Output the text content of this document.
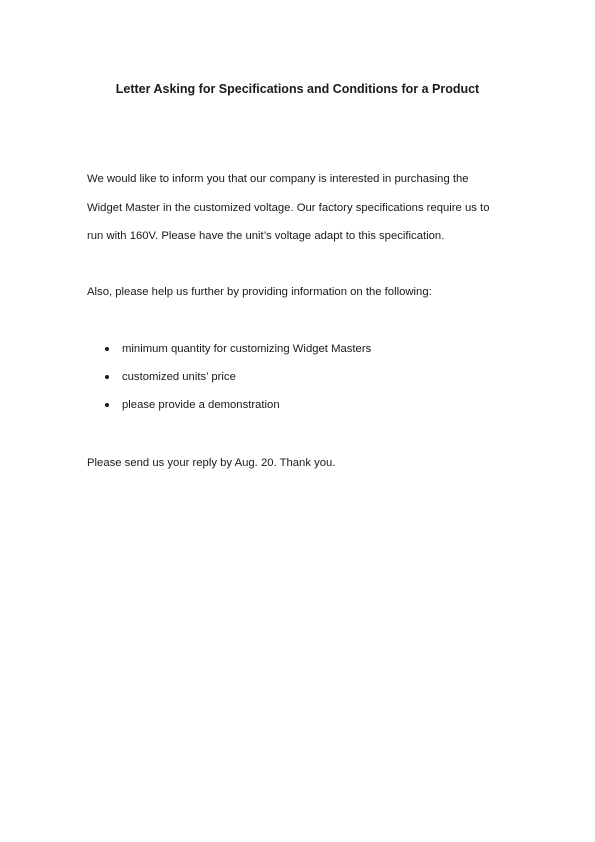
Letter Asking for Specifications and Conditions for a Product
We would like to inform you that our company is interested in purchasing the
Widget Master in the customized voltage. Our factory specifications require us to
run with 160V. Please have the unit’s voltage adapt to this specification.
Also, please help us further by providing information on the following:
minimum quantity for customizing Widget Masters
customized units’ price
please provide a demonstration
Please send us your reply by Aug. 20. Thank you.
